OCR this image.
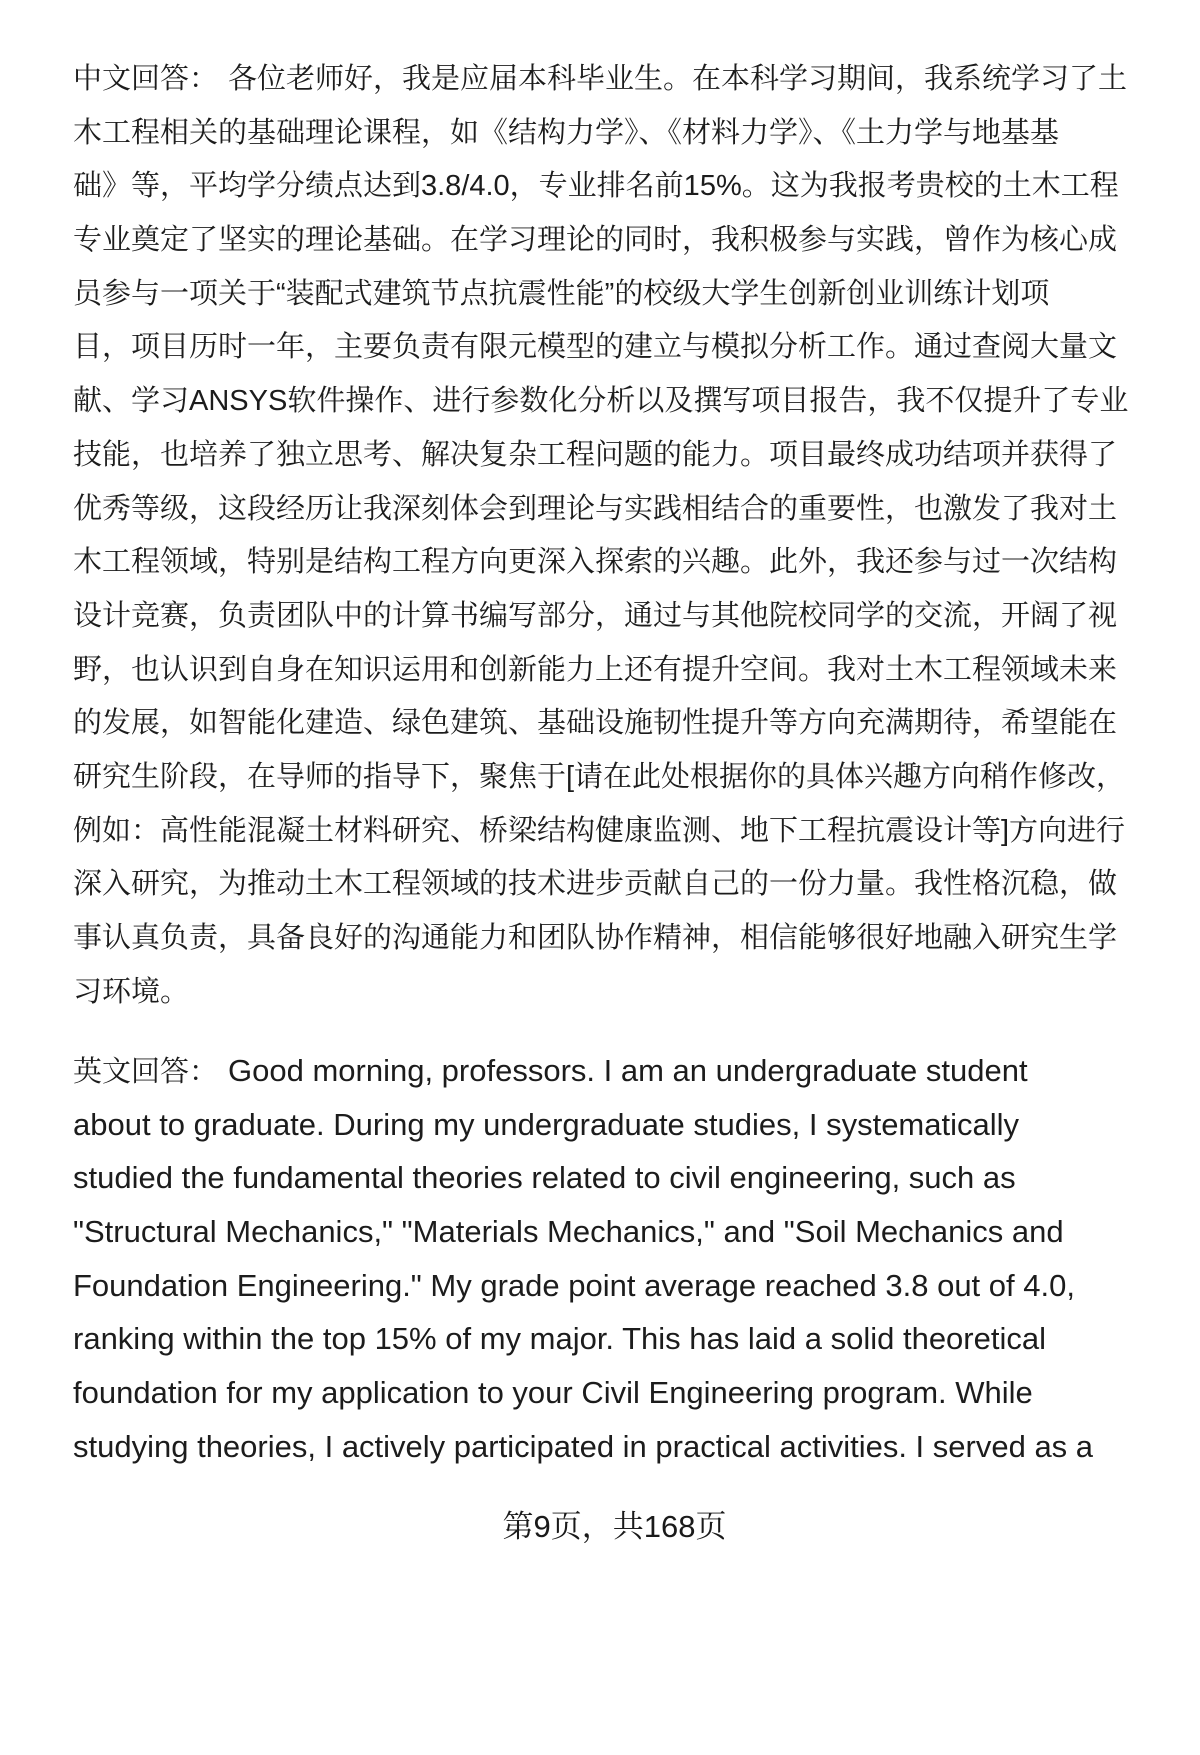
中文回答： 各位老师好，我是应届本科毕业生。在本科学习期间，我系统学习了土
木工程相关的基础理论课程，如《结构力学》、《材料力学》、《土力学与地基基
础》等，平均学分绩点达到3.8/4.0，专业排名前15%。这为我报考贵校的土木工程
专业奠定了坚实的理论基础。在学习理论的同时，我积极参与实践，曾作为核心成
员参与一项关于“装配式建筑节点抗震性能”的校级大学生创新创业训练计划项
目，项目历时一年，主要负责有限元模型的建立与模拟分析工作。通过查阅大量文
献、学习ANSYS软件操作、进行参数化分析以及撰写项目报告，我不仅提升了专业
技能，也培养了独立思考、解决复杂工程问题的能力。项目最终成功结项并获得了
优秀等级，这段经历让我深刻体会到理论与实践相结合的重要性，也激发了我对土
木工程领域，特别是结构工程方向更深入探索的兴趣。此外，我还参与过一次结构
设计竞赛，负责团队中的计算书编写部分，通过与其他院校同学的交流，开阔了视
野，也认识到自身在知识运用和创新能力上还有提升空间。我对土木工程领域未来
的发展，如智能化建造、绿色建筑、基础设施韧性提升等方向充满期待，希望能在
研究生阶段，在导师的指导下，聚焦于[请在此处根据你的具体兴趣方向稍作修改，
例如：高性能混凝土材料研究、桥梁结构健康监测、地下工程抗震设计等]方向进行
深入研究，为推动土木工程领域的技术进步贡献自己的一份力量。我性格沉稳，做
事认真负责，具备良好的沟通能力和团队协作精神，相信能够很好地融入研究生学
习环境。
英文回答： Good morning, professors. I am an undergraduate student
about to graduate. During my undergraduate studies, I systematically
studied the fundamental theories related to civil engineering, such as
"Structural Mechanics," "Materials Mechanics," and "Soil Mechanics and
Foundation Engineering." My grade point average reached 3.8 out of 4.0,
ranking within the top 15% of my major. This has laid a solid theoretical
foundation for my application to your Civil Engineering program. While
studying theories, I actively participated in practical activities. I served as a
第9页，共168页
